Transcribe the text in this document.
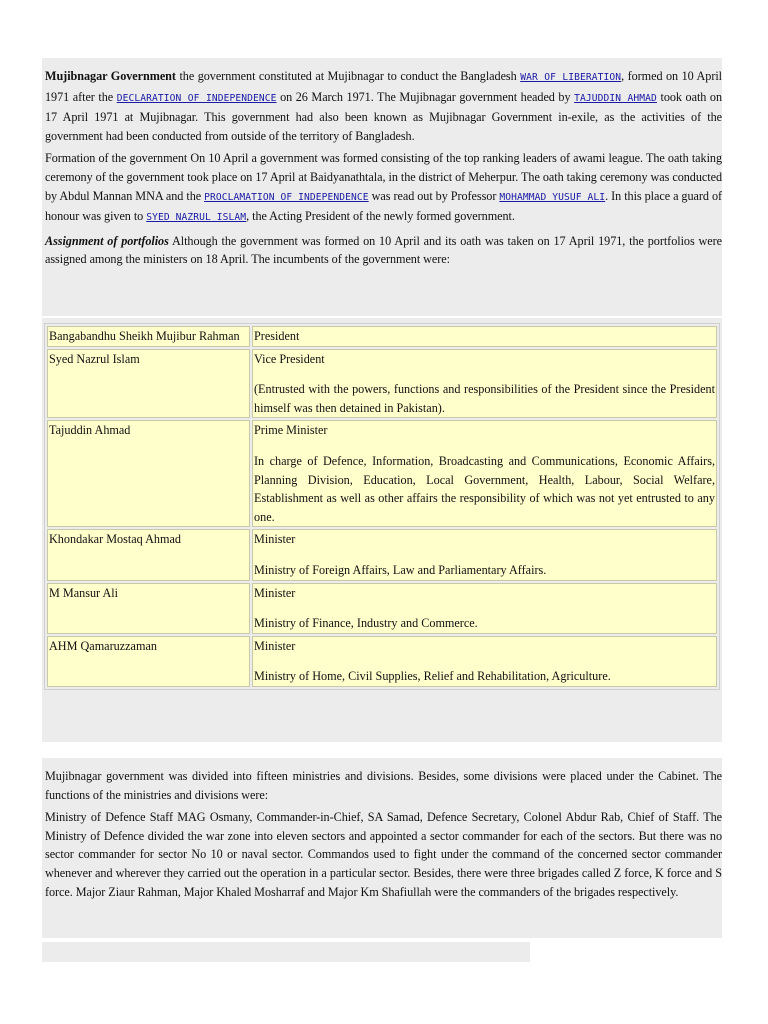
Mujibnagar Government the government constituted at Mujibnagar to conduct the Bangladesh WAR OF LIBERATION, formed on 10 April 1971 after the DECLARATION OF INDEPENDENCE on 26 March 1971. The Mujibnagar government headed by TAJUDDIN AHMAD took oath on 17 April 1971 at Mujibnagar. This government had also been known as Mujibnagar Government in-exile, as the activities of the government had been conducted from outside of the territory of Bangladesh.

Formation of the government On 10 April a government was formed consisting of the top ranking leaders of awami league. The oath taking ceremony of the government took place on 17 April at Baidyanathtala, in the district of Meherpur. The oath taking ceremony was conducted by Abdul Mannan MNA and the PROCLAMATION OF INDEPENDENCE was read out by Professor MOHAMMAD YUSUF ALI. In this place a guard of honour was given to SYED NAZRUL ISLAM, the Acting President of the newly formed government.

Assignment of portfolios Although the government was formed on 10 April and its oath was taken on 17 April 1971, the portfolios were assigned among the ministers on 18 April. The incumbents of the government were:

Bangabandhu Sheikh Mujibur Rahman	President

Syed Nazrul Islam	Vice President
(Entrusted with the powers, functions and responsibilities of the President since the President himself was then detained in Pakistan).

Tajuddin Ahmad	Prime Minister
In charge of Defence, Information, Broadcasting and Communications, Economic Affairs, Planning Division, Education, Local Government, Health, Labour, Social Welfare, Establishment as well as other affairs the responsibility of which was not yet entrusted to any one.

Khondakar Mostaq Ahmad	Minister
Ministry of Foreign Affairs, Law and Parliamentary Affairs.

M Mansur Ali	Minister
Ministry of Finance, Industry and Commerce.

AHM Qamaruzzaman	Minister
Ministry of Home, Civil Supplies, Relief and Rehabilitation, Agriculture.

Mujibnagar government was divided into fifteen ministries and divisions. Besides, some divisions were placed under the Cabinet. The functions of the ministries and divisions were:

Ministry of Defence Staff MAG Osmany, Commander-in-Chief, SA Samad, Defence Secretary, Colonel Abdur Rab, Chief of Staff. The Ministry of Defence divided the war zone into eleven sectors and appointed a sector commander for each of the sectors. But there was no sector commander for sector No 10 or naval sector. Commandos used to fight under the command of the concerned sector commander whenever and wherever they carried out the operation in a particular sector. Besides, there were three brigades called Z force, K force and S force. Major Ziaur Rahman, Major Khaled Mosharraf and Major Km Shafiullah were the commanders of the brigades respectively.
